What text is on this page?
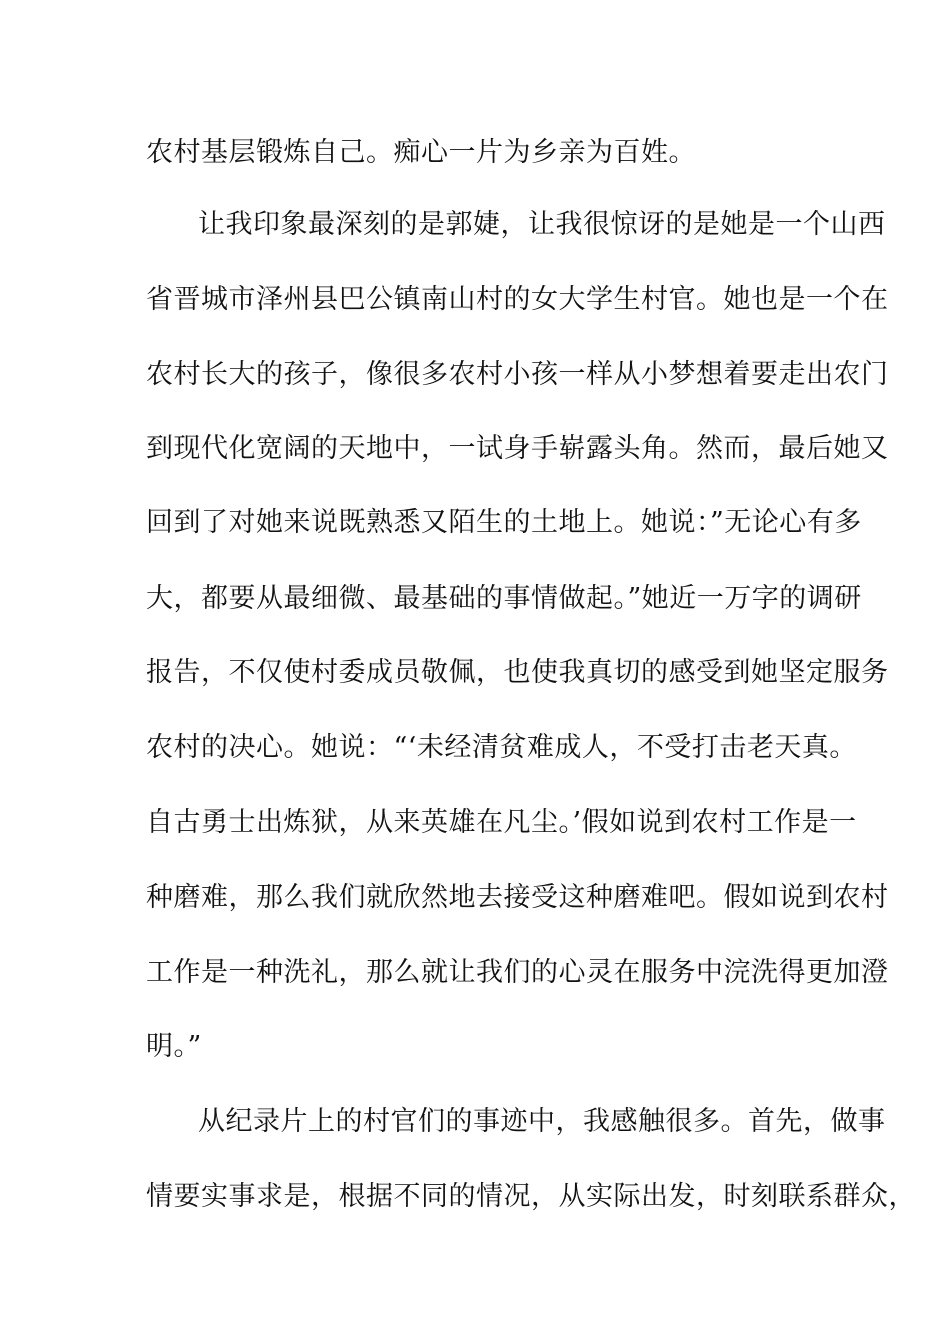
农村基层锻炼自己。痴心一片为乡亲为百姓。
让我印象最深刻的是郭婕，让我很惊讶的是她是一个山西
省晋城市泽州县巴公镇南山村的女大学生村官。她也是一个在
农村长大的孩子，像很多农村小孩一样从小梦想着要走出农门
到现代化宽阔的天地中，一试身手崭露头角。然而，最后她又
回到了对她来说既熟悉又陌生的土地上。她说：”无论心有多
大，都要从最细微、最基础的事情做起。”她近一万字的调研
报告，不仅使村委成员敬佩，也使我真切的感受到她坚定服务
农村的决心。她说：“‘未经清贫难成人，不受打击老天真。
自古勇士出炼狱，从来英雄在凡尘。’假如说到农村工作是一
种磨难，那么我们就欣然地去接受这种磨难吧。假如说到农村
工作是一种洗礼，那么就让我们的心灵在服务中浣洗得更加澄
明。”
从纪录片上的村官们的事迹中，我感触很多。首先，做事
情要实事求是，根据不同的情况，从实际出发，时刻联系群众，
